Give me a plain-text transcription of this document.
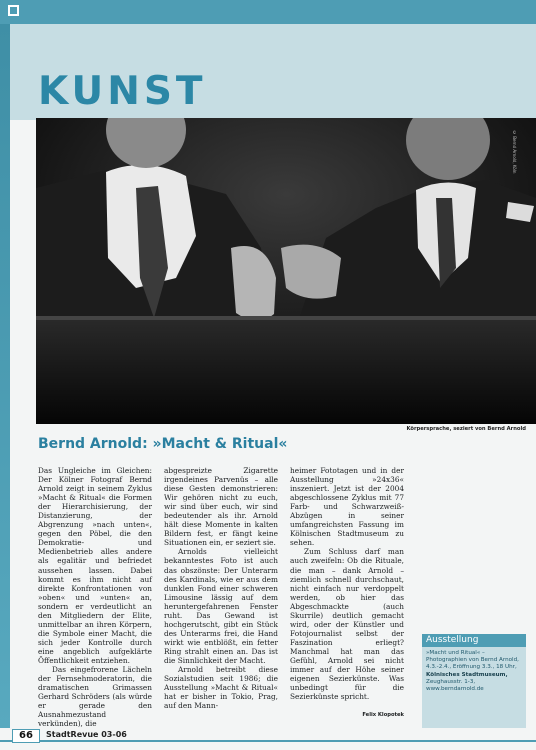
KUNST
© Bernd Arnold, Köln
Körpersprache, seziert von Bernd Arnold
Bernd Arnold: »Macht & Ritual«

Das Ungleiche im Gleichen: Der Kölner Fotograf Bernd Arnold zeigt in seinem Zyklus »Macht & Ritual« die Formen der Hierarchisierung, der Distanzierung, der Abgrenzung »nach unten«, gegen den Pöbel, die den Demokratie- und Medienbetrieb alles andere als egalitär und befriedet aussehen lassen. Dabei kommt es ihm nicht auf direkte Konfrontationen von »oben« und »unten« an, sondern er verdeutlicht an den Mitgliedern der Elite, unmittelbar an ihren Körpern, die Symbole einer Macht, die sich jeder Kontrolle durch eine angeblich aufgeklärte Öffentlichkeit entziehen.

Das eingefrorene Lächeln der Fernsehmoderatorin, die dramatischen Grimassen Gerhard Schröders (als würde er gerade den Ausnahmezustand verkünden), die

abgespreizte Zigarette irgendeines Parvenüs – alle diese Gesten demonstrieren: Wir gehören nicht zu euch, wir sind über euch, wir sind bedeutender als ihr. Arnold hält diese Momente in kalten Bildern fest, er fängt keine Situationen ein, er seziert sie.

Arnolds vielleicht bekanntestes Foto ist auch das obszönste: Der Unterarm des Kardinals, wie er aus dem dunklen Fond einer schweren Limousine lässig auf dem heruntergefahrenen Fenster ruht. Das Gewand ist hochgerutscht, gibt ein Stück des Unterarms frei, die Hand wirkt wie entblößt, ein fetter Ring strahlt einen an. Das ist die Sinnlichkeit der Macht.

Arnold betreibt diese Sozialstudien seit 1986; die Ausstellung »Macht & Ritual« hat er bisher in Tokio, Prag, auf den Mann-

heimer Fototagen und in der Ausstellung »24x36« inszeniert. Jetzt ist der 2004 abgeschlossene Zyklus mit 77 Farb- und Schwarzweiß-Abzügen in seiner umfangreichsten Fassung im Kölnischen Stadtmuseum zu sehen.

Zum Schluss darf man auch zweifeln: Ob die Rituale, die man – dank Arnold – ziemlich schnell durchschaut, nicht einfach nur verdoppelt werden, ob hier das Abgeschmackte (auch Skurrile) deutlich gemacht wird, oder der Künstler und Fotojournalist selbst der Faszination erliegt? Manchmal hat man das Gefühl, Arnold sei nicht immer auf der Höhe seiner eigenen Sezierkünste. Was unbedingt für die Sezierkünste spricht.

Felix Klopotek
Ausstellung
»Macht und Ritual« – Photographien von Bernd Arnold, 4.3.-2.4., Eröffnung 3.3., 18 Uhr, Kölnisches Stadtmuseum, Zeughausstr. 1-3, www.berndarnold.de
66	StadtRevue 03-06
